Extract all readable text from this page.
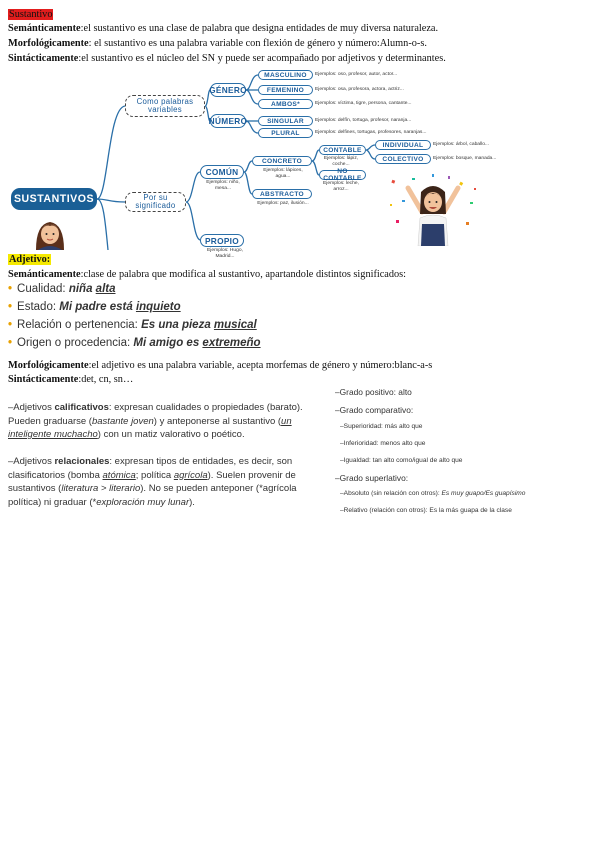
Sustantivo
Semánticamente:el sustantivo es una clase de palabra que designa entidades de muy diversa naturaleza.
Morfológicamente: el sustantivo es una palabra variable con flexión de género y número:Alumn-o-s.
Sintácticamente:el sustantivo es el núcleo del SN y puede ser acompañado por adjetivos y determinantes.
SUSTANTIVOS
Como palabras variables
GÉNERO
MASCULINO
FEMENINO
AMBOS*
Ejemplos: oso, profesor, autor, actor...
Ejemplos: osa, profesora, actora, actriz...
Ejemplos: víctima, tigre, persona, cantante...
NÚMERO	SINGULAR
PLURAL
Ejemplos: delfín, tortuga, profesor, naranja...
Ejemplos: delfines, tortugas, profesores, naranjas...
Por su significado
COMÚN
Ejemplos: niño, mesa...
CONCRETO
Ejemplos: lápices, agua...
ABSTRACTO
Ejemplos: paz, ilusión...
CONTABLE
Ejemplos: lápiz, coche...
NO CONTABLE
Ejemplos: leche, arroz...
INDIVIDUAL	Ejemplos: árbol, caballo...
COLECTIVO	Ejemplos: bosque, manada...
PROPIO
Ejemplos: Hugo, Madrid...
Adjetivo:
Semánticamente:clase de palabra que modifica al sustantivo, apartandole distintos significados:
• Cualidad: niña alta
• Estado: Mi padre está inquieto
• Relación o pertenencia: Es una pieza musical
• Origen o procedencia: Mi amigo es extremeño
Morfológicamente:el adjetivo es una palabra variable, acepta morfemas de género y número:blanc-a-s
Sintácticamente:det, cn, sn…
–Adjetivos calificativos: expresan cualidades o propiedades (barato). Pueden graduarse (bastante joven) y anteponerse al sustantivo (un inteligente muchacho) con un matiz valorativo o poético.
–Adjetivos relacionales: expresan tipos de entidades, es decir, son clasificatorios (bomba atómica; política agrícola). Suelen provenir de sustantivos (literatura > literario). No se pueden anteponer (*agrícola política) ni graduar (*exploración muy lunar).
–Grado positivo: alto
–Grado comparativo:
–Superioridad: más alto que
–Inferioridad: menos alto que
–Igualdad: tan alto como/igual de alto que
–Grado superlativo:
–Absoluto (sin relación con otros): Es muy guapo/Es guapísimo
–Relativo (relación con otros): Es la más guapa de la clase
